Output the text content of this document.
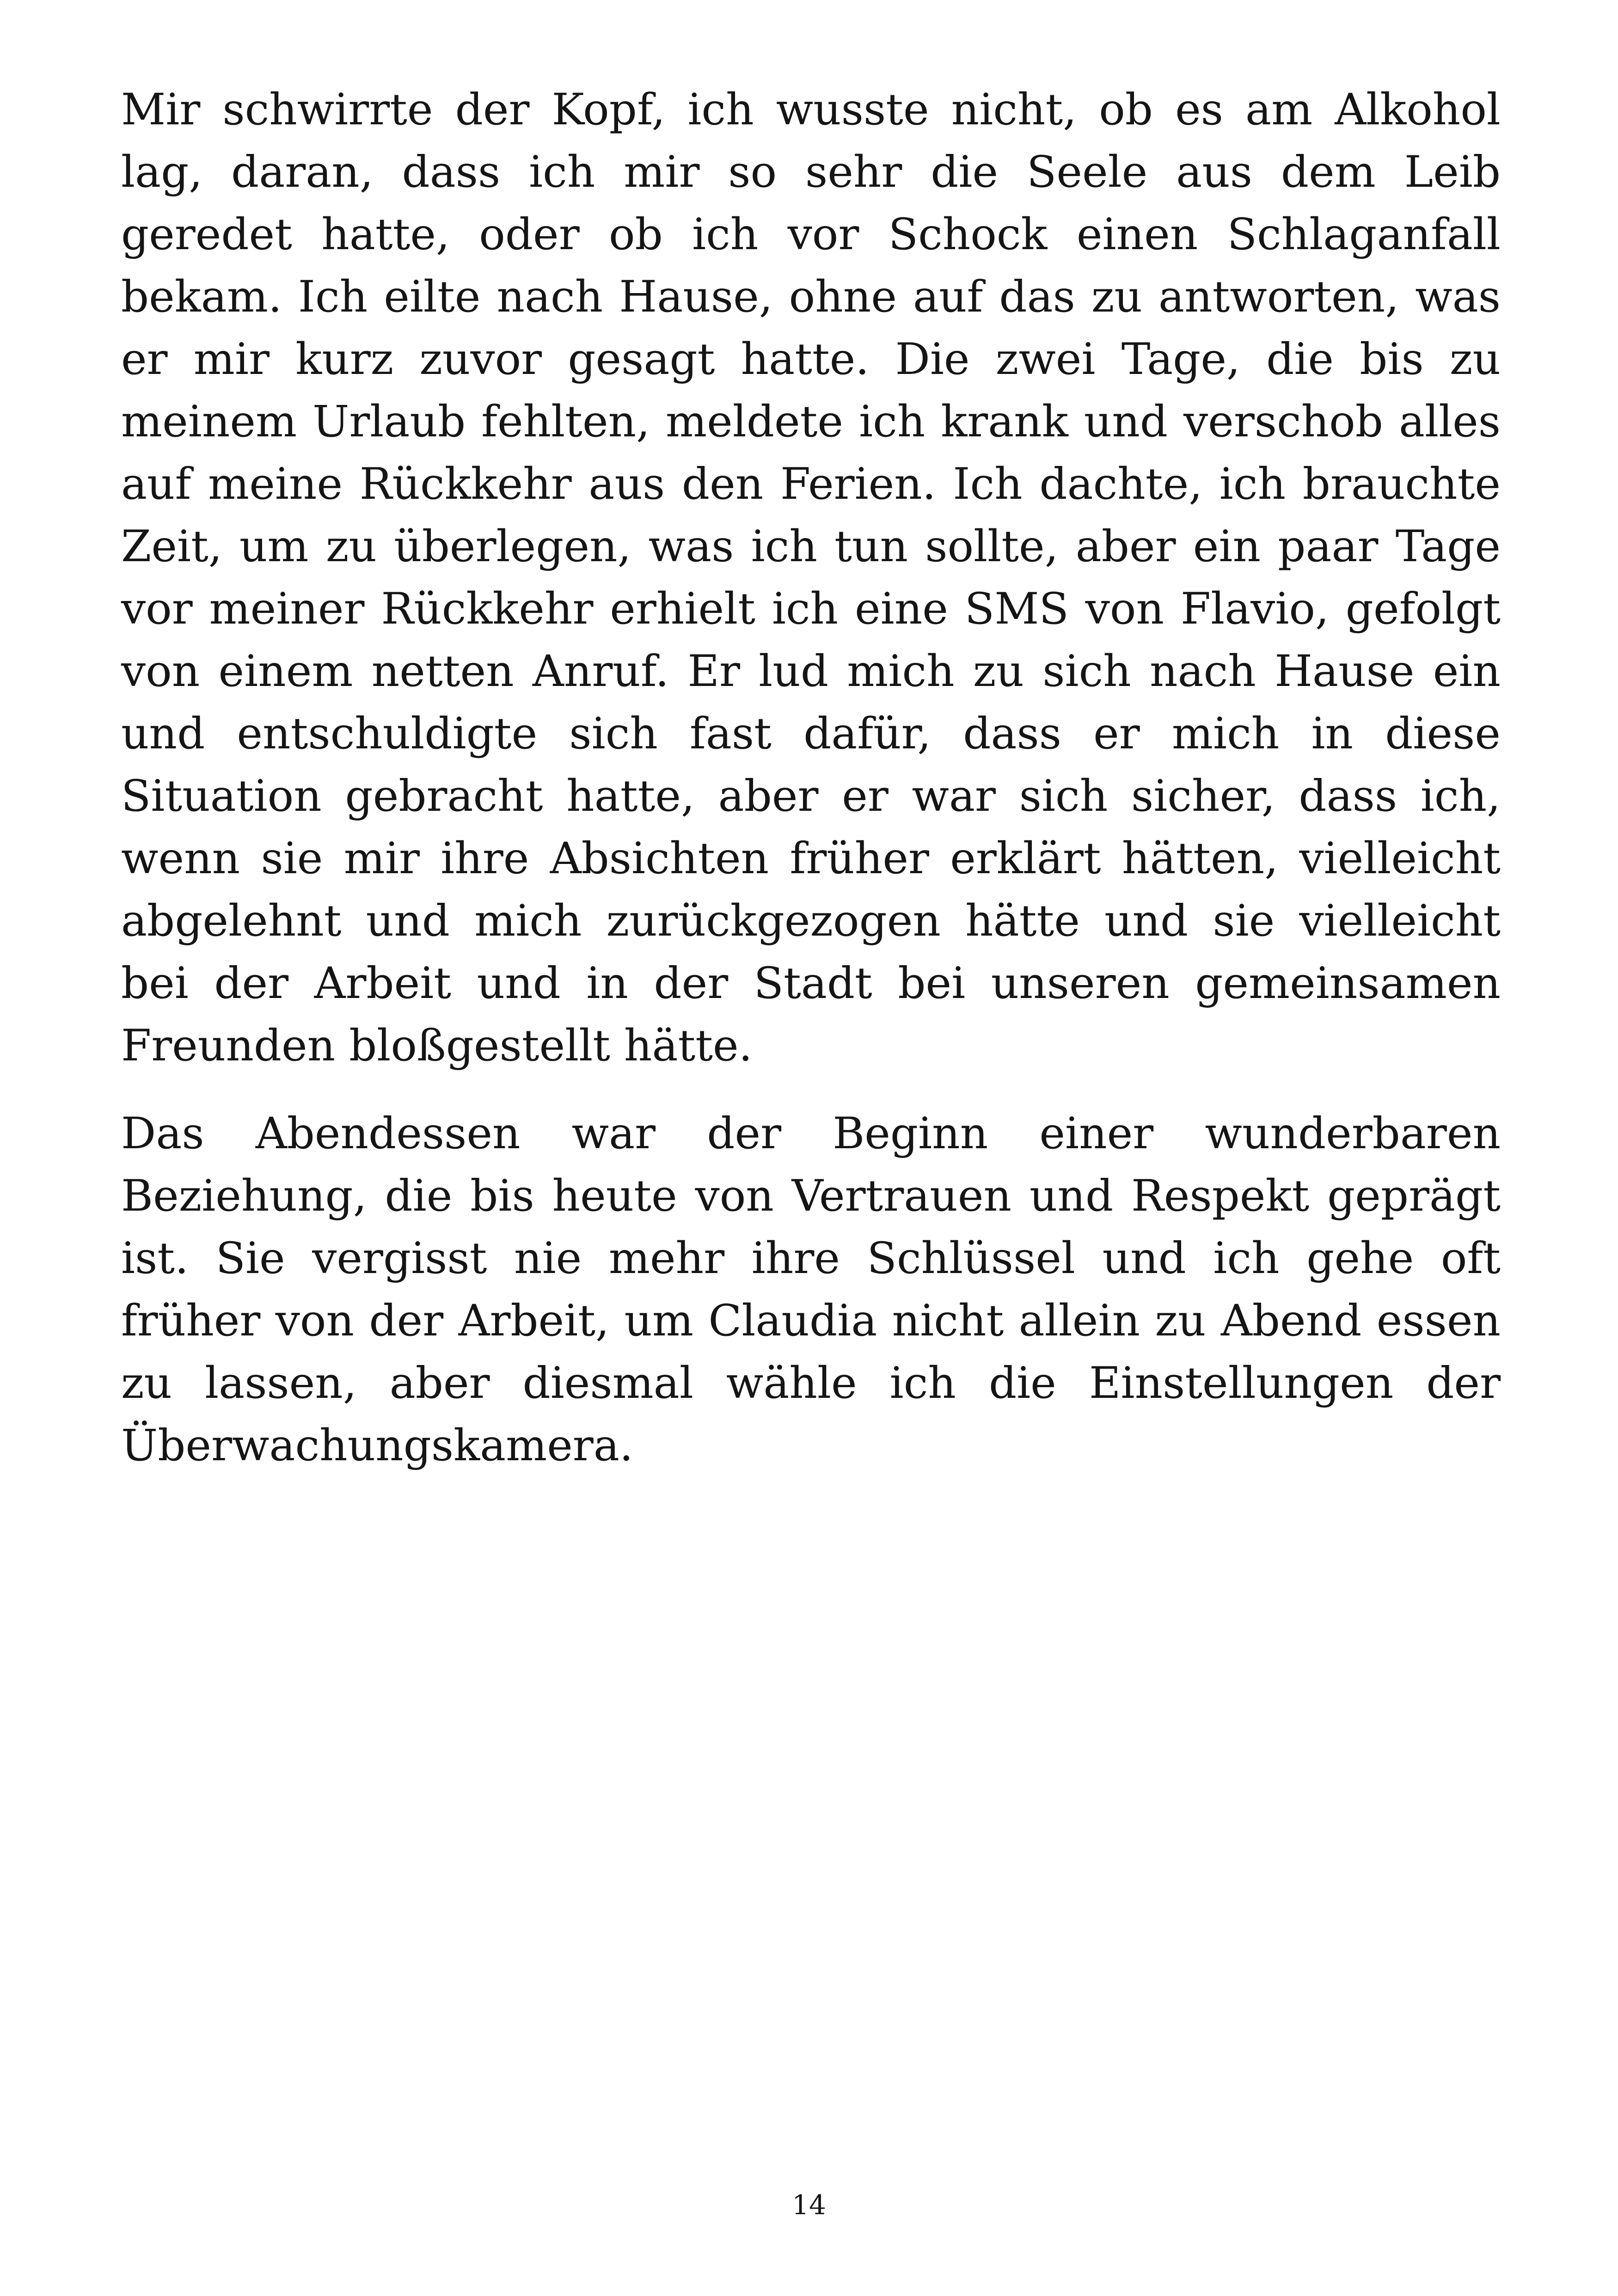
Mir schwirrte der Kopf, ich wusste nicht, ob es am Alkohol lag, daran, dass ich mir so sehr die Seele aus dem Leib geredet hatte, oder ob ich vor Schock einen Schlaganfall bekam. Ich eilte nach Hause, ohne auf das zu antworten, was er mir kurz zuvor gesagt hatte. Die zwei Tage, die bis zu meinem Urlaub fehlten, meldete ich krank und verschob alles auf meine Rückkehr aus den Ferien. Ich dachte, ich brauchte Zeit, um zu überlegen, was ich tun sollte, aber ein paar Tage vor meiner Rückkehr erhielt ich eine SMS von Flavio, gefolgt von einem netten Anruf. Er lud mich zu sich nach Hause ein und entschuldigte sich fast dafür, dass er mich in diese Situation gebracht hatte, aber er war sich sicher, dass ich, wenn sie mir ihre Absichten früher erklärt hätten, vielleicht abgelehnt und mich zurückgezogen hätte und sie vielleicht bei der Arbeit und in der Stadt bei unseren gemeinsamen Freunden bloßgestellt hätte.

Das Abendessen war der Beginn einer wunderbaren Beziehung, die bis heute von Vertrauen und Respekt geprägt ist. Sie vergisst nie mehr ihre Schlüssel und ich gehe oft früher von der Arbeit, um Claudia nicht allein zu Abend essen zu lassen, aber diesmal wähle ich die Einstellungen der Überwachungskamera.

14
